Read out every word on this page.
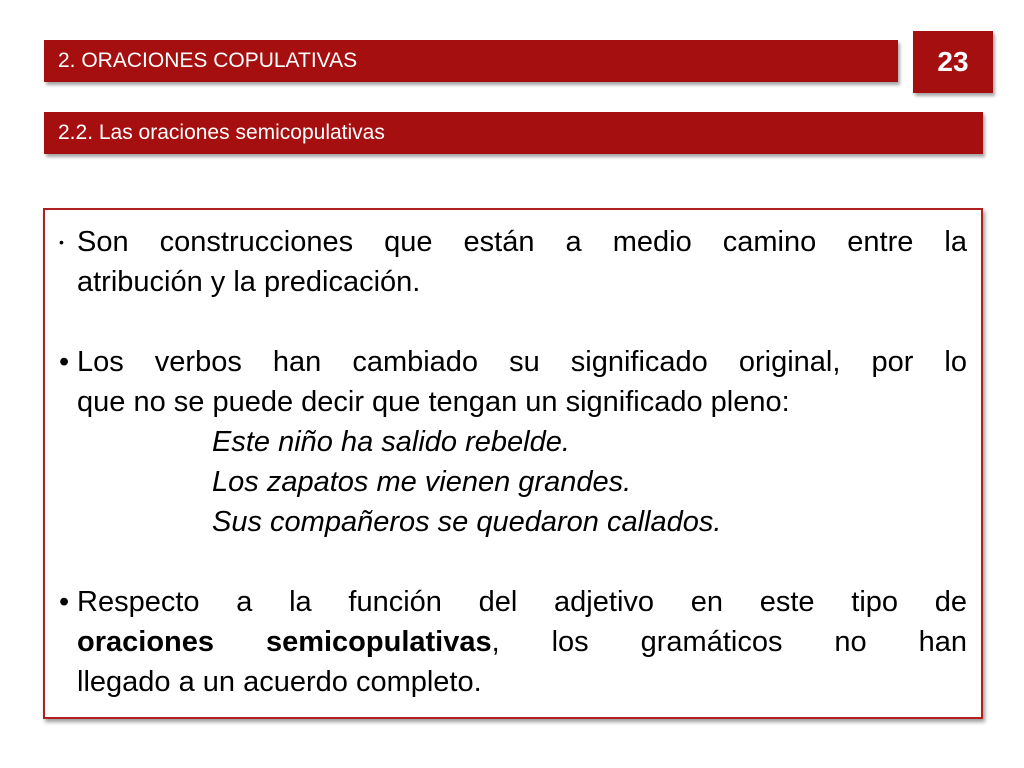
2. ORACIONES COPULATIVAS	23
2.2. Las oraciones semicopulativas
• Son construcciones que están a medio camino entre la
atribución y la predicación.
• Los verbos han cambiado su significado original, por lo
que no se puede decir que tengan un significado pleno:
Este niño ha salido rebelde.
Los zapatos me vienen grandes.
Sus compañeros se quedaron callados.
• Respecto a la función del adjetivo en este tipo de
oraciones semicopulativas, los gramáticos no han
llegado a un acuerdo completo.
